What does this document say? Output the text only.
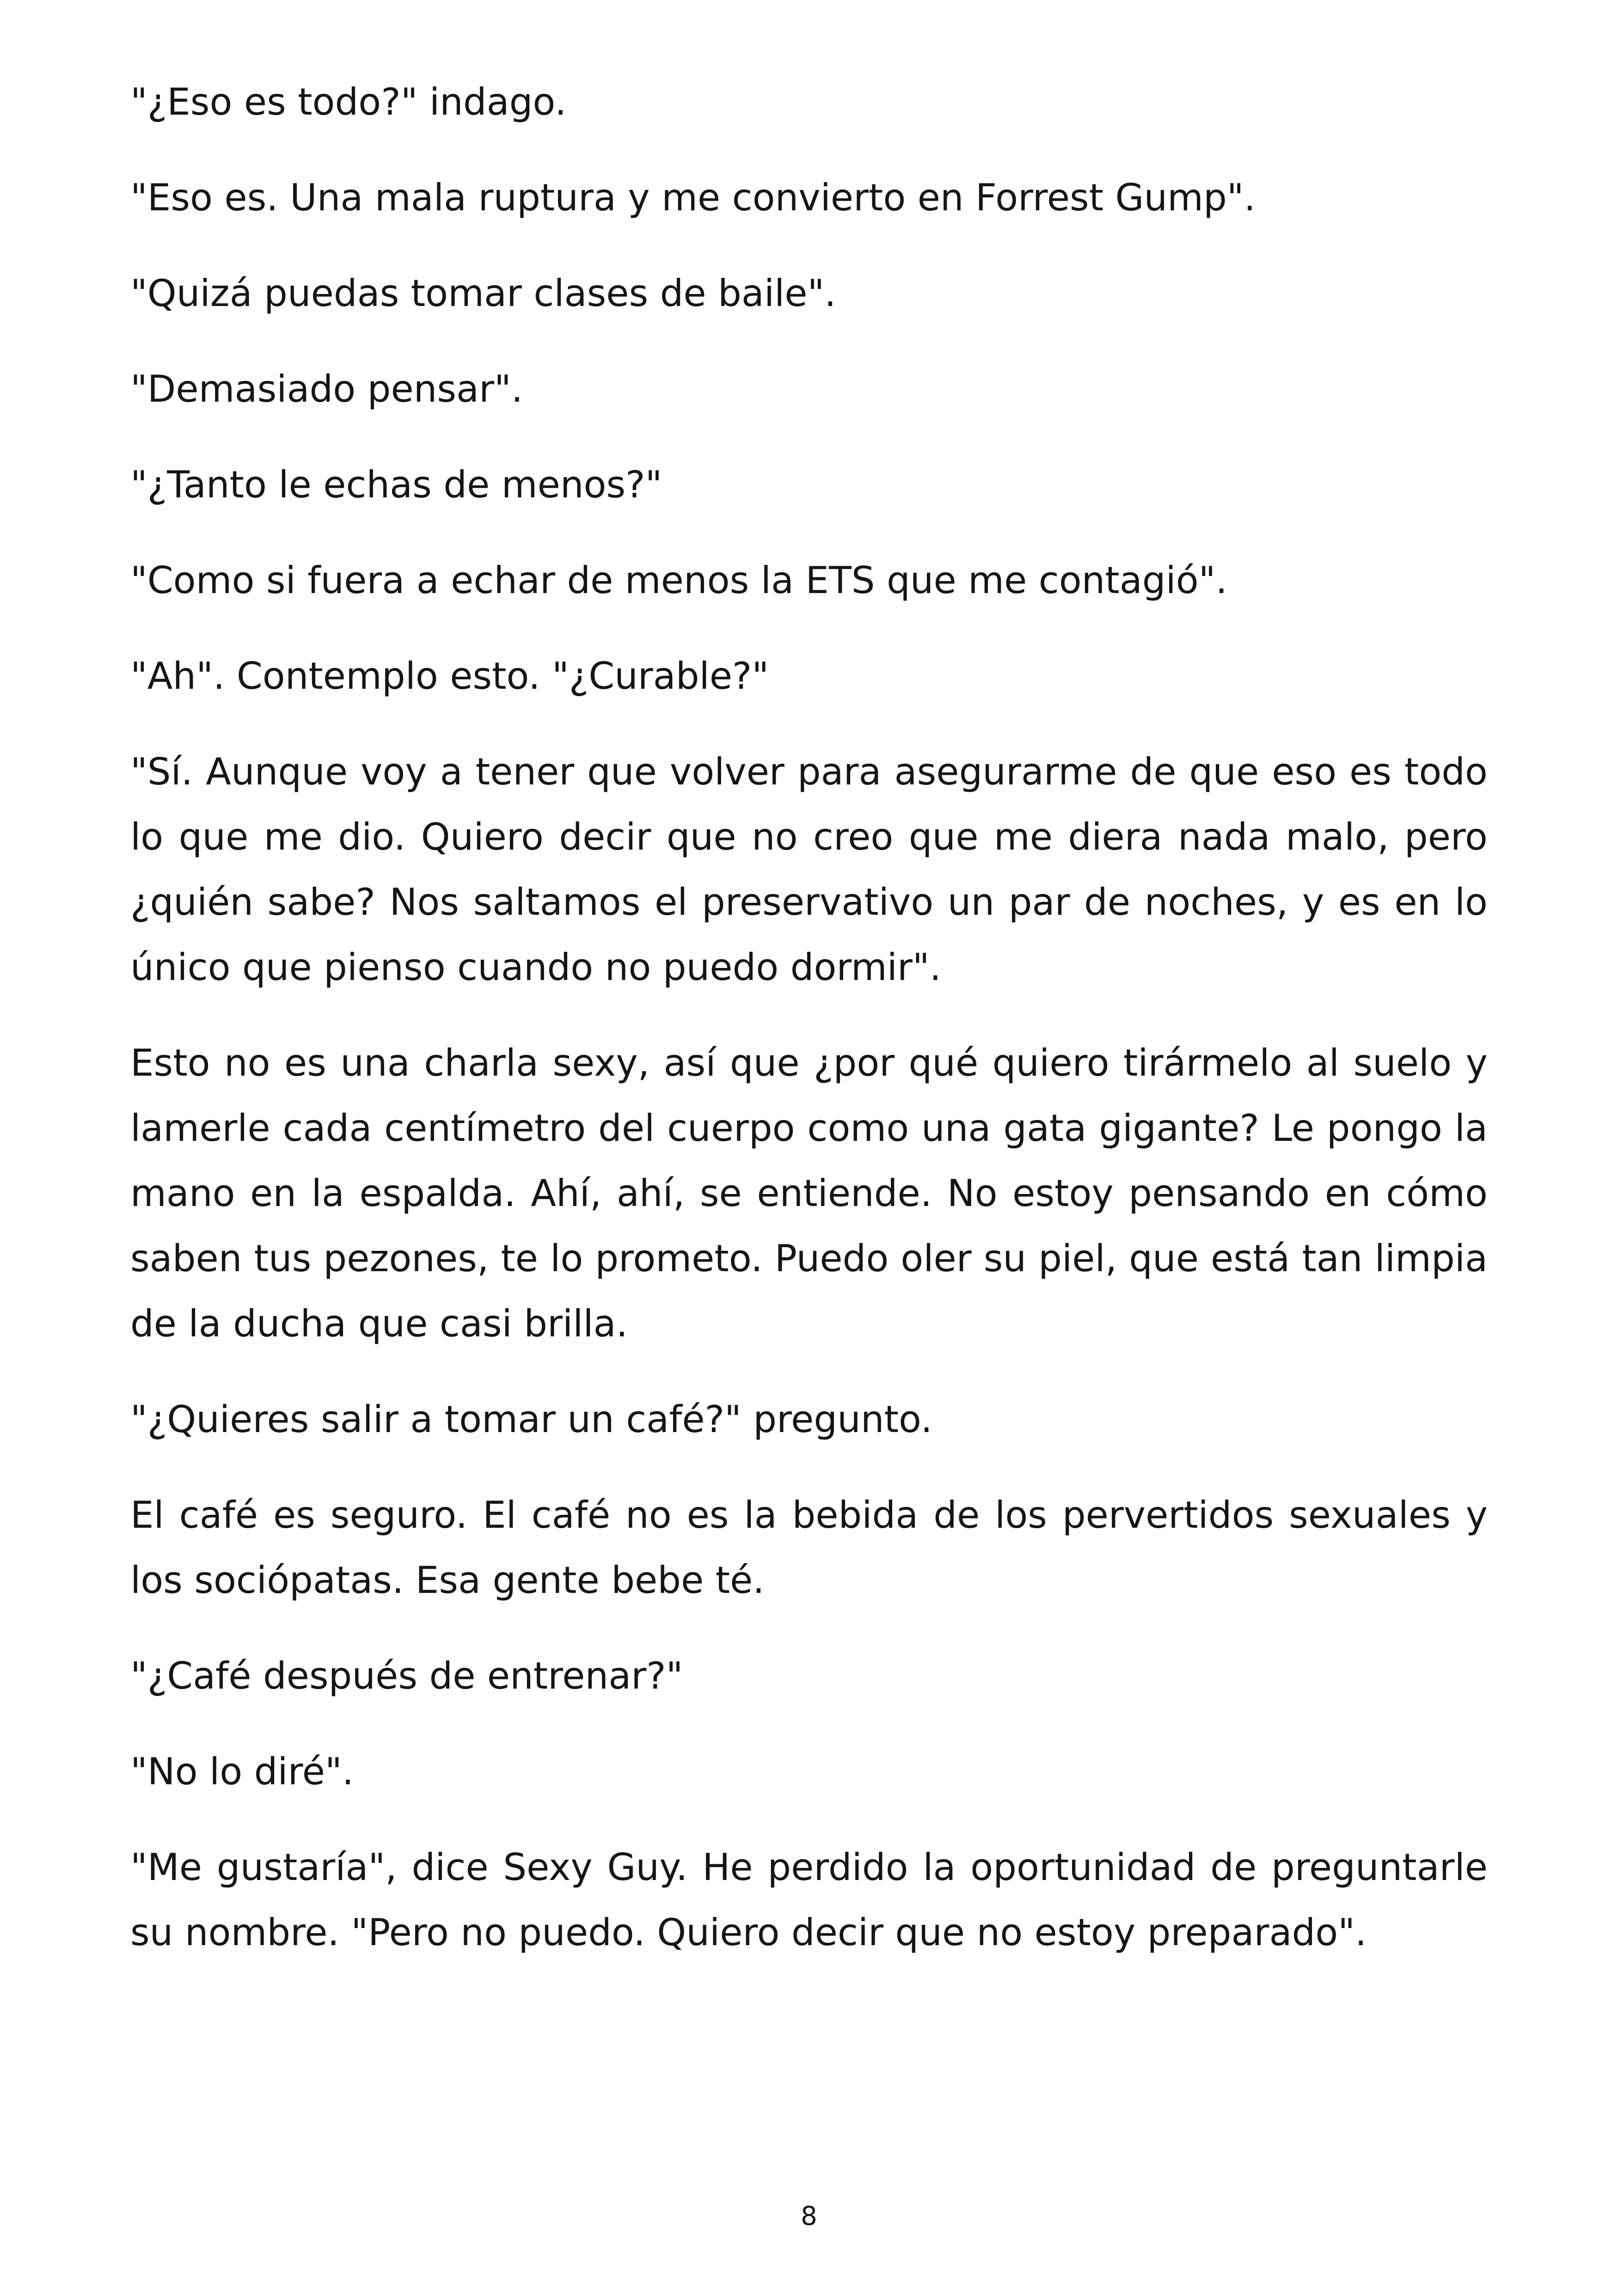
"¿Eso es todo?" indago.

"Eso es. Una mala ruptura y me convierto en Forrest Gump".

"Quizá puedas tomar clases de baile".

"Demasiado pensar".

"¿Tanto le echas de menos?"

"Como si fuera a echar de menos la ETS que me contagió".

"Ah". Contemplo esto. "¿Curable?"

"Sí. Aunque voy a tener que volver para asegurarme de que eso es todo lo que me dio. Quiero decir que no creo que me diera nada malo, pero ¿quién sabe? Nos saltamos el preservativo un par de noches, y es en lo único que pienso cuando no puedo dormir".

Esto no es una charla sexy, así que ¿por qué quiero tirármelo al suelo y lamerle cada centímetro del cuerpo como una gata gigante? Le pongo la mano en la espalda. Ahí, ahí, se entiende. No estoy pensando en cómo saben tus pezones, te lo prometo. Puedo oler su piel, que está tan limpia de la ducha que casi brilla.

"¿Quieres salir a tomar un café?" pregunto.

El café es seguro. El café no es la bebida de los pervertidos sexuales y los sociópatas. Esa gente bebe té.

"¿Café después de entrenar?"

"No lo diré".

"Me gustaría", dice Sexy Guy. He perdido la oportunidad de preguntarle su nombre. "Pero no puedo. Quiero decir que no estoy preparado".

8
